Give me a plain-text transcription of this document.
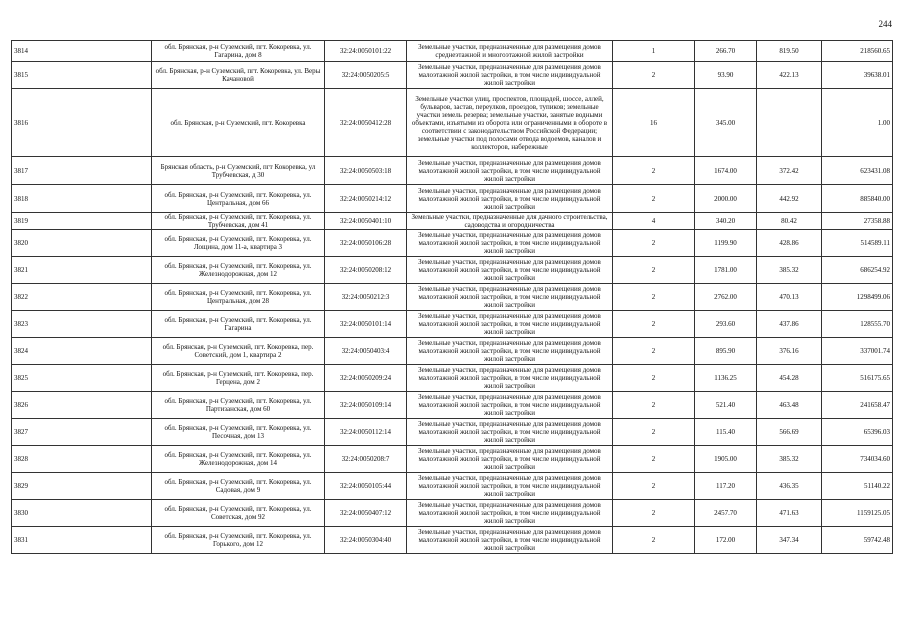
244
3814	обл. Брянская, р-н Суземский, пгт. Кокоревка, ул. Гагарина, дом 8	32:24:0050101:22	Земельные участки, предназначенные для размещения домов среднеэтажной и многоэтажной жилой застройки	1	266.70	819.50	218560.65
3815	обл. Брянская, р-н Суземский, пгт. Кокоревка, ул. Веры Качановой	32:24:0050205:5	Земельные участки, предназначенные для размещения домов малоэтажной жилой застройки, в том числе индивидуальной жилой застройки	2	93.90	422.13	39638.01
3816	обл. Брянская, р-н Суземский, пгт. Кокоревка	32:24:0050412:28	Земельные участки улиц, проспектов, площадей, шоссе, аллей, бульваров, застав, переулков, проездов, тупиков; земельные участки земель резерва; земельные участки, занятые водными объектами, изъятыми из оборота или ограниченными в обороте в соответствии с законодательством Российской Федерации; земельные участки под полосами отвода водоемов, каналов и коллекторов, набережные	16	345.00		1.00
3817	Брянская область, р-н Суземский, пгт Кокоревка, ул Трубчевская, д 30	32:24:0050503:18	Земельные участки, предназначенные для размещения домов малоэтажной жилой застройки, в том числе индивидуальной жилой застройки	2	1674.00	372.42	623431.08
3818	обл. Брянская, р-н Суземский, пгт. Кокоревка, ул. Центральная, дом 66	32:24:0050214:12	Земельные участки, предназначенные для размещения домов малоэтажной жилой застройки, в том числе индивидуальной жилой застройки	2	2000.00	442.92	885840.00
3819	обл. Брянская, р-н Суземский, пгт. Кокоревка, ул. Трубчевская, дом 41	32:24:0050401:10	Земельные участки, предназначенные для дачного строительства, садоводства и огородничества	4	340.20	80.42	27358.88
3820	обл. Брянская, р-н Суземский, пгт. Кокоревка, ул. Лощина, дом 11-а, квартира 3	32:24:0050106:28	Земельные участки, предназначенные для размещения домов малоэтажной жилой застройки, в том числе индивидуальной жилой застройки	2	1199.90	428.86	514589.11
3821	обл. Брянская, р-н Суземский, пгт. Кокоревка, ул. Железнодорожная, дом 12	32:24:0050208:12	Земельные участки, предназначенные для размещения домов малоэтажной жилой застройки, в том числе индивидуальной жилой застройки	2	1781.00	385.32	686254.92
3822	обл. Брянская, р-н Суземский, пгт. Кокоревка, ул. Центральная, дом 28	32:24:0050212:3	Земельные участки, предназначенные для размещения домов малоэтажной жилой застройки, в том числе индивидуальной жилой застройки	2	2762.00	470.13	1298499.06
3823	обл. Брянская, р-н Суземский, пгт. Кокоревка, ул. Гагарина	32:24:0050101:14	Земельные участки, предназначенные для размещения домов малоэтажной жилой застройки, в том числе индивидуальной жилой застройки	2	293.60	437.86	128555.70
3824	обл. Брянская, р-н Суземский, пгт. Кокоревка, пер. Советский, дом 1, квартира 2	32:24:0050403:4	Земельные участки, предназначенные для размещения домов малоэтажной жилой застройки, в том числе индивидуальной жилой застройки	2	895.90	376.16	337001.74
3825	обл. Брянская, р-н Суземский, пгт. Кокоревка, пер. Герцена, дом 2	32:24:0050209:24	Земельные участки, предназначенные для размещения домов малоэтажной жилой застройки, в том числе индивидуальной жилой застройки	2	1136.25	454.28	516175.65
3826	обл. Брянская, р-н Суземский, пгт. Кокоревка, ул. Партизанская, дом 60	32:24:0050109:14	Земельные участки, предназначенные для размещения домов малоэтажной жилой застройки, в том числе индивидуальной жилой застройки	2	521.40	463.48	241658.47
3827	обл. Брянская, р-н Суземский, пгт. Кокоревка, ул. Песочная, дом 13	32:24:0050112:14	Земельные участки, предназначенные для размещения домов малоэтажной жилой застройки, в том числе индивидуальной жилой застройки	2	115.40	566.69	65396.03
3828	обл. Брянская, р-н Суземский, пгт. Кокоревка, ул. Железнодорожная, дом 14	32:24:0050208:7	Земельные участки, предназначенные для размещения домов малоэтажной жилой застройки, в том числе индивидуальной жилой застройки	2	1905.00	385.32	734034.60
3829	обл. Брянская, р-н Суземский, пгт. Кокоревка, ул. Садовая, дом 9	32:24:0050105:44	Земельные участки, предназначенные для размещения домов малоэтажной жилой застройки, в том числе индивидуальной жилой застройки	2	117.20	436.35	51140.22
3830	обл. Брянская, р-н Суземский, пгт. Кокоревка, ул. Советская, дом 92	32:24:0050407:12	Земельные участки, предназначенные для размещения домов малоэтажной жилой застройки, в том числе индивидуальной жилой застройки	2	2457.70	471.63	1159125.05
3831	обл. Брянская, р-н Суземский, пгт. Кокоревка, ул. Горького, дом 12	32:24:0050304:40	Земельные участки, предназначенные для размещения домов малоэтажной жилой застройки, в том числе индивидуальной жилой застройки	2	172.00	347.34	59742.48
